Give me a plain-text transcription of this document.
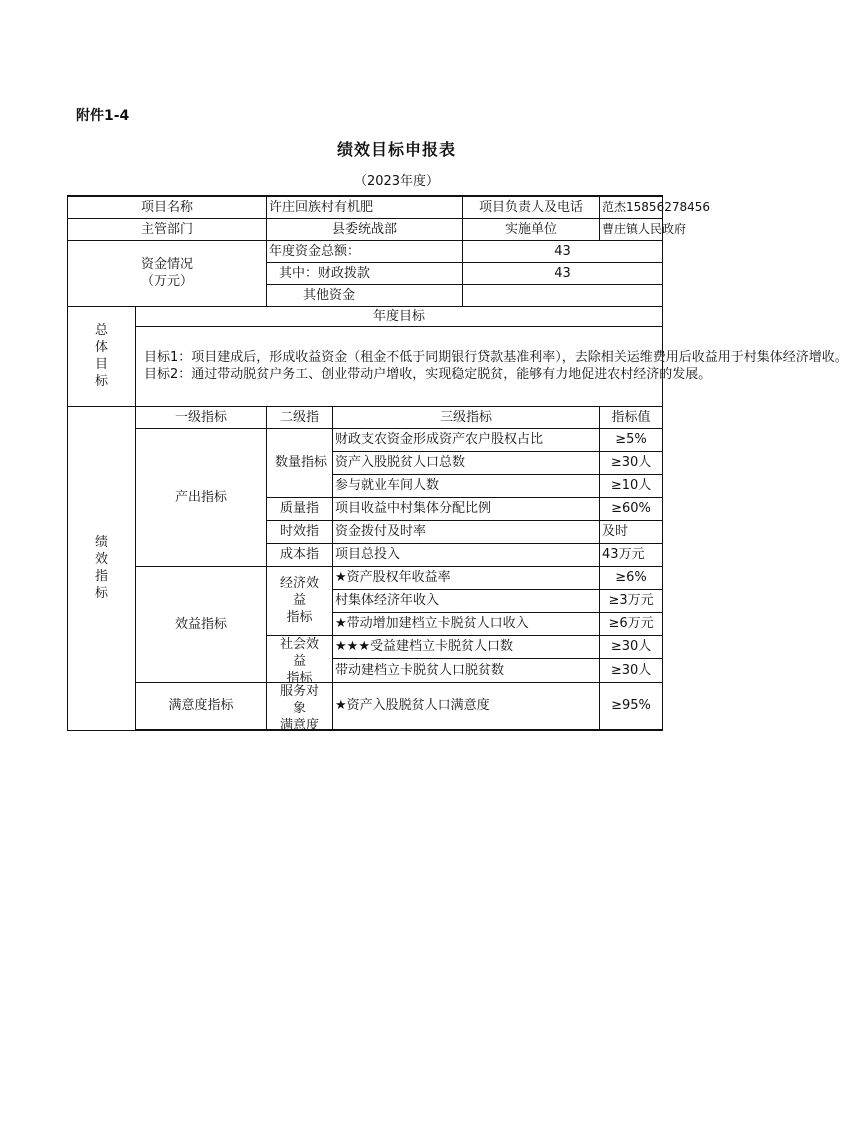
附件1-4
绩效目标申报表
（2023年度）
项目名称		许庄回族村有机肥		项目负责人及电话	范杰15856278456
主管部门		县委统战部		实施单位	曹庄镇人民政府

资金情况
（万元）		年度资金总额：		43	
		其中：财政拨款		43	
		其他资金			

总
体
目
标	年度目标				

	目标1：项目建成后，形成收益资金（租金不低于同期银行贷款基准利率），去除相关运维费用后收益用于村集体经济增收。
目标2：通过带动脱贫户务工、创业带动户增收，实现稳定脱贫，能够有力地促进农村经济的发展。				

绩
效
指
标	一级指标	二级指	三级指标		指标值
	产出指标	数量指标	财政支农资金形成资产农户股权占比		≥5%
			资产入股脱贫人口总数		≥30人
			参与就业车间人数		≥10人
		质量指	项目收益中村集体分配比例		≥60%
		时效指	资金拨付及时率		及时
		成本指	项目总投入		43万元
	效益指标	经济效
益
指标	★资产股权年收益率		≥6%
			村集体经济年收入		≥3万元
			★带动增加建档立卡脱贫人口收入		≥6万元

		社会效
益
指标	★★★受益建档立卡脱贫人口数		≥30人
			带动建档立卡脱贫人口脱贫数		≥30人
	满意度指标	服务对
象
满意度	★资产入股脱贫人口满意度		≥95%
